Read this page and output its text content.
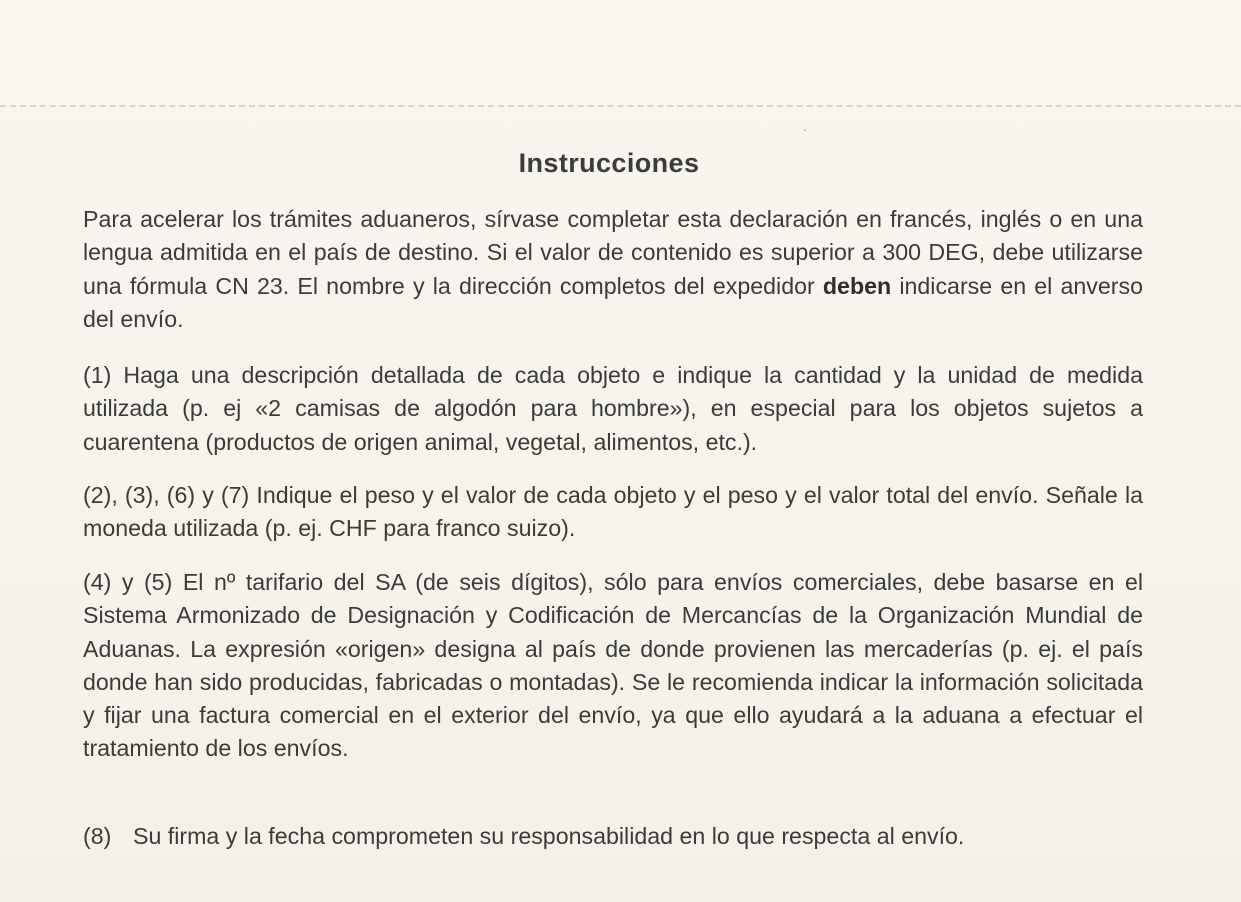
Instrucciones

Para acelerar los trámites aduaneros, sírvase completar esta declaración en francés, inglés o en una lengua admitida en el país de destino. Si el valor de contenido es superior a 300 DEG, debe utilizarse una fórmula CN 23. El nombre y la dirección completos del expedidor deben indicarse en el anverso del envío.

(1) Haga una descripción detallada de cada objeto e indique la cantidad y la unidad de medida utilizada (p. ej «2 camisas de algodón para hombre»), en especial para los objetos sujetos a cuarentena (productos de origen animal, vegetal, alimentos, etc.).

(2), (3), (6) y (7) Indique el peso y el valor de cada objeto y el peso y el valor total del envío. Señale la moneda utilizada (p. ej. CHF para franco suizo).

(4) y (5) El nº tarifario del SA (de seis dígitos), sólo para envíos comerciales, debe basarse en el Sistema Armonizado de Designación y Codificación de Mercancías de la Organización Mundial de Aduanas. La expresión «origen» designa al país de donde provienen las mercaderías (p. ej. el país donde han sido producidas, fabricadas o montadas). Se le recomienda indicar la información solicitada y fijar una factura comercial en el exterior del envío, ya que ello ayudará a la aduana a efectuar el tratamiento de los envíos.

(8) Su firma y la fecha comprometen su responsabilidad en lo que respecta al envío.
